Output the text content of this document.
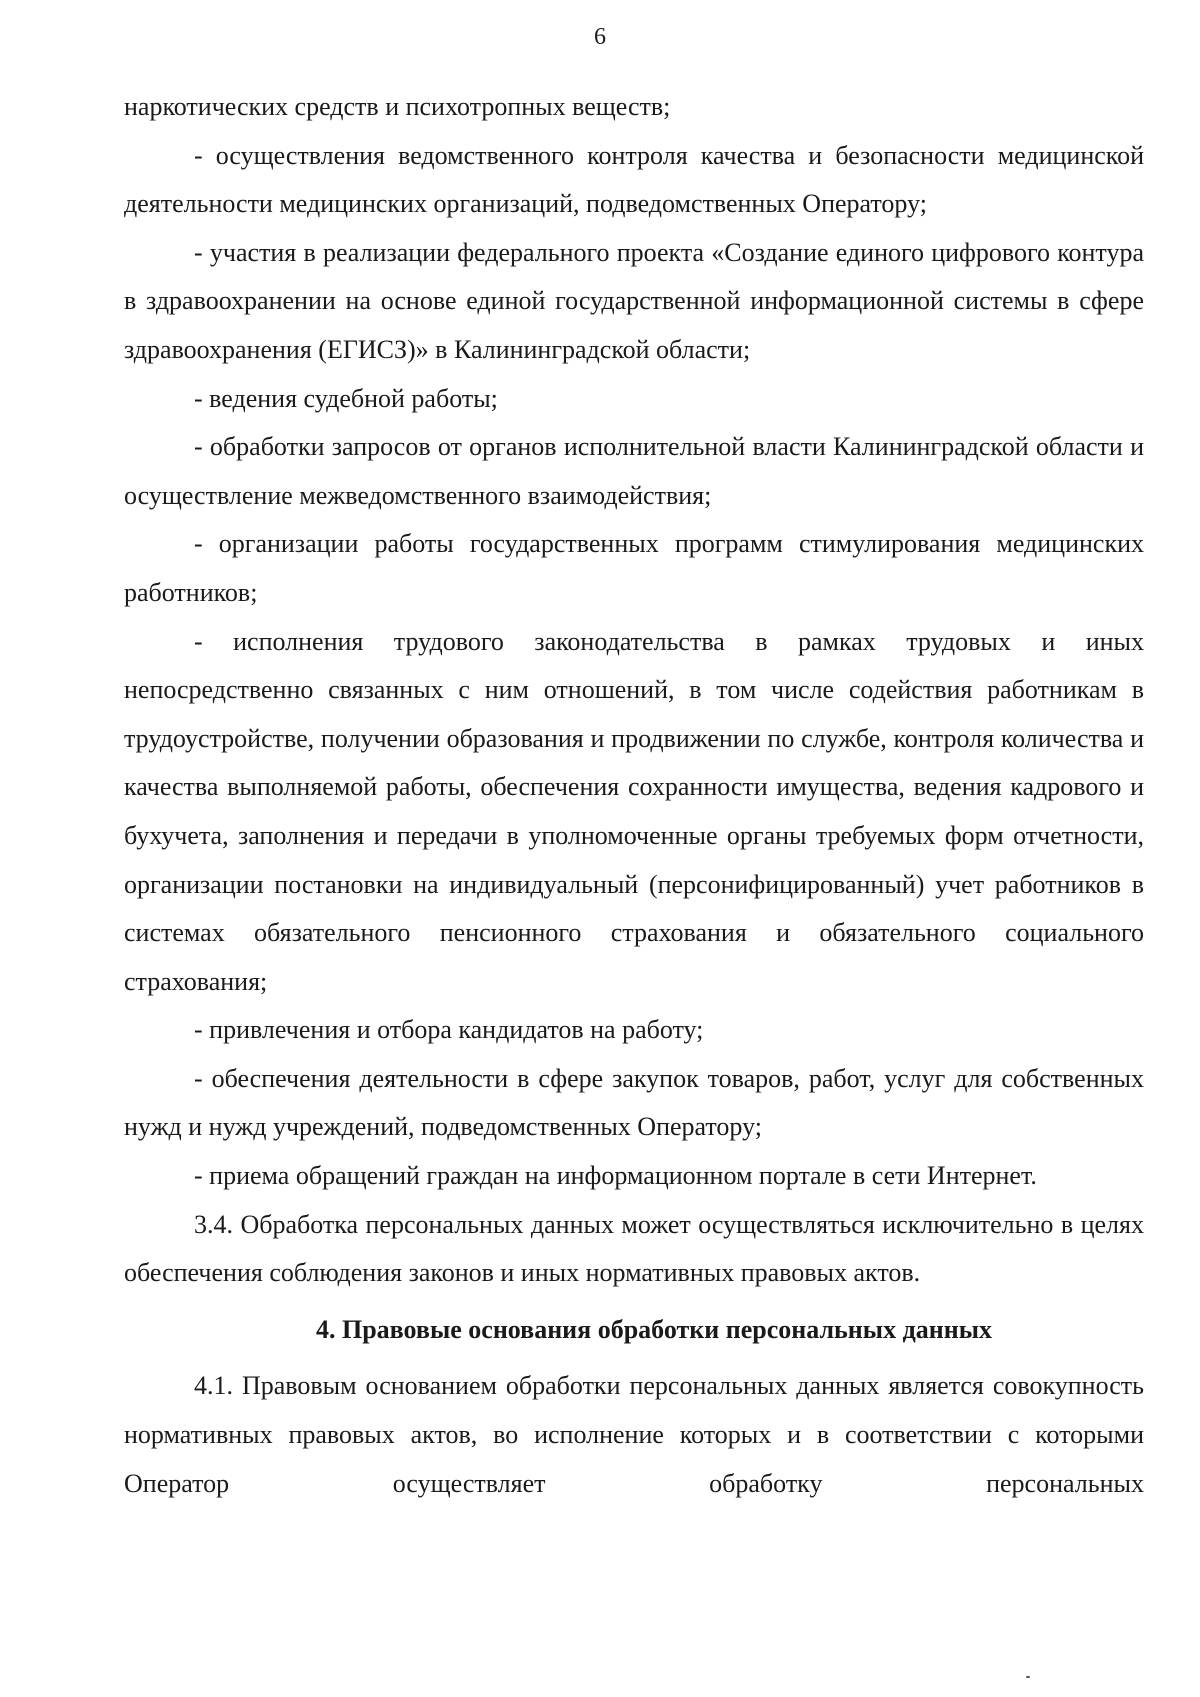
6

наркотических средств и психотропных веществ;

- осуществления ведомственного контроля качества и безопасности медицинской деятельности медицинских организаций, подведомственных Оператору;

- участия в реализации федерального проекта «Создание единого цифрового контура в здравоохранении на основе единой государственной информационной системы в сфере здравоохранения (ЕГИСЗ)» в Калининградской области;

- ведения судебной работы;

- обработки запросов от органов исполнительной власти Калининградской области и осуществление межведомственного взаимодействия;

- организации работы государственных программ стимулирования медицинских работников;

- исполнения трудового законодательства в рамках трудовых и иных непосредственно связанных с ним отношений, в том числе содействия работникам в трудоустройстве, получении образования и продвижении по службе, контроля количества и качества выполняемой работы, обеспечения сохранности имущества, ведения кадрового и бухучета, заполнения и передачи в уполномоченные органы требуемых форм отчетности, организации постановки на индивидуальный (персонифицированный) учет работников в системах обязательного пенсионного страхования и обязательного социального страхования;

- привлечения и отбора кандидатов на работу;

- обеспечения деятельности в сфере закупок товаров, работ, услуг для собственных нужд и нужд учреждений, подведомственных Оператору;

- приема обращений граждан на информационном портале в сети Интернет.

3.4. Обработка персональных данных может осуществляться исключительно в целях обеспечения соблюдения законов и иных нормативных правовых актов.

4. Правовые основания обработки персональных данных

4.1. Правовым основанием обработки персональных данных является совокупность нормативных правовых актов, во исполнение которых и в соответствии с которыми Оператор осуществляет обработку персональных
